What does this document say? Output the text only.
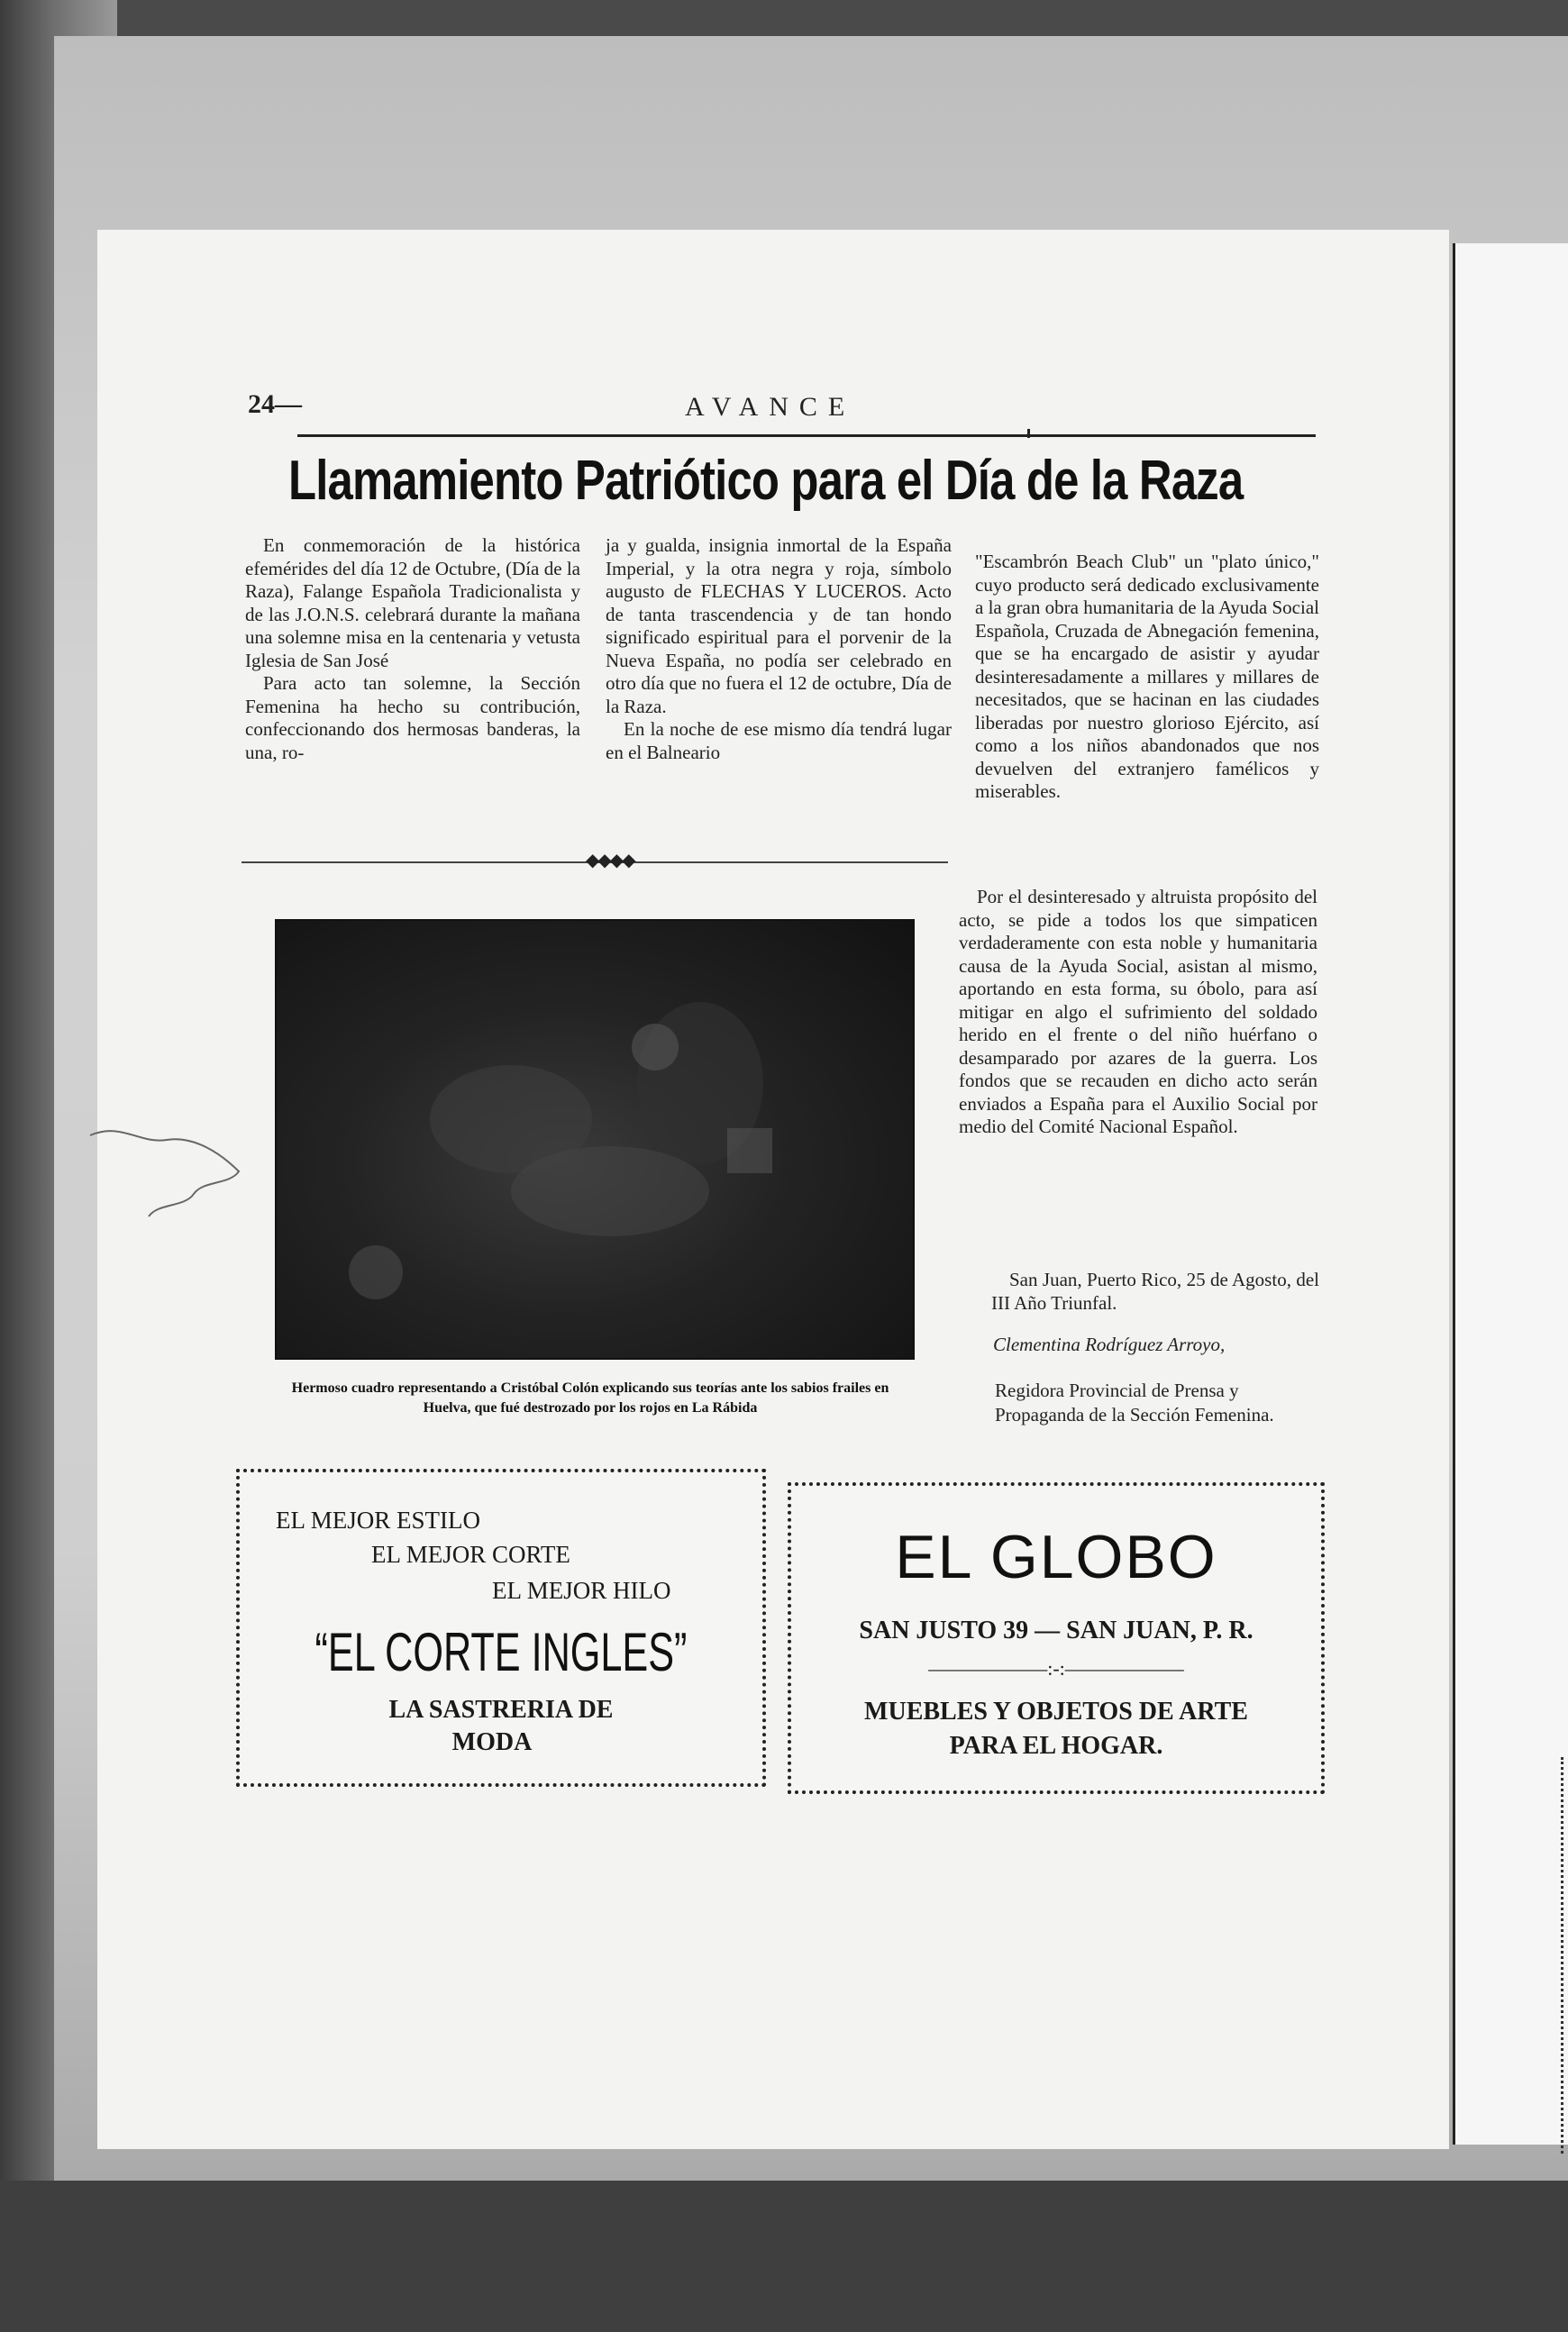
24—	AVANCE
Llamamiento Patriótico para el Día de la Raza

En conmemoración de la histórica efemérides del día 12 de Octubre, (Día de la Raza), Falange Española Tradicionalista y de las J.O.N.S. celebrará durante la mañana una solemne misa en la centenaria y vetusta Iglesia de San José

Para acto tan solemne, la Sección Femenina ha hecho su contribución, confeccionando dos hermosas banderas, la una, ro-

ja y gualda, insignia inmortal de la España Imperial, y la otra negra y roja, símbolo augusto de FLECHAS Y LUCEROS. Acto de tanta trascendencia y de tan hondo significado espiritual para el porvenir de la Nueva España, no podía ser celebrado en otro día que no fuera el 12 de octubre, Día de la Raza.

En la noche de ese mismo día tendrá lugar en el Balneario

"Escambrón Beach Club" un "plato único," cuyo producto será dedicado exclusivamente a la gran obra humanitaria de la Ayuda Social Española, Cruzada de Abnegación femenina, que se ha encargado de asistir y ayudar desinteresadamente a millares y millares de necesitados, que se hacinan en las ciudades liberadas por nuestro glorioso Ejército, así como a los niños abandonados que nos devuelven del extranjero famélicos y miserables.

Por el desinteresado y altruista propósito del acto, se pide a todos los que simpaticen verdaderamente con esta noble y humanitaria causa de la Ayuda Social, asistan al mismo, aportando en esta forma, su óbolo, para así mitigar en algo el sufrimiento del soldado herido en el frente o del niño huérfano o desamparado por azares de la guerra. Los fondos que se recauden en dicho acto serán enviados a España para el Auxilio Social por medio del Comité Nacional Español.

San Juan, Puerto Rico, 25 de Agosto, del III Año Triunfal.

Clementina Rodríguez Arroyo,
Regidora Provincial de Prensa y Propaganda de la Sección Femenina.
◆◆◆◆
Hermoso cuadro representando a Cristóbal Colón explicando sus teorías ante los sabios frailes en Huelva, que fué destrozado por los rojos en La Rábida
EL MEJOR ESTILO
EL MEJOR CORTE
EL MEJOR HILO
“EL CORTE INGLES”
LA SASTRERIA DE
MODA
EL GLOBO
SAN JUSTO 39 — SAN JUAN, P. R.
——————:-:——————
MUEBLES Y OBJETOS DE ARTE
PARA EL HOGAR.
